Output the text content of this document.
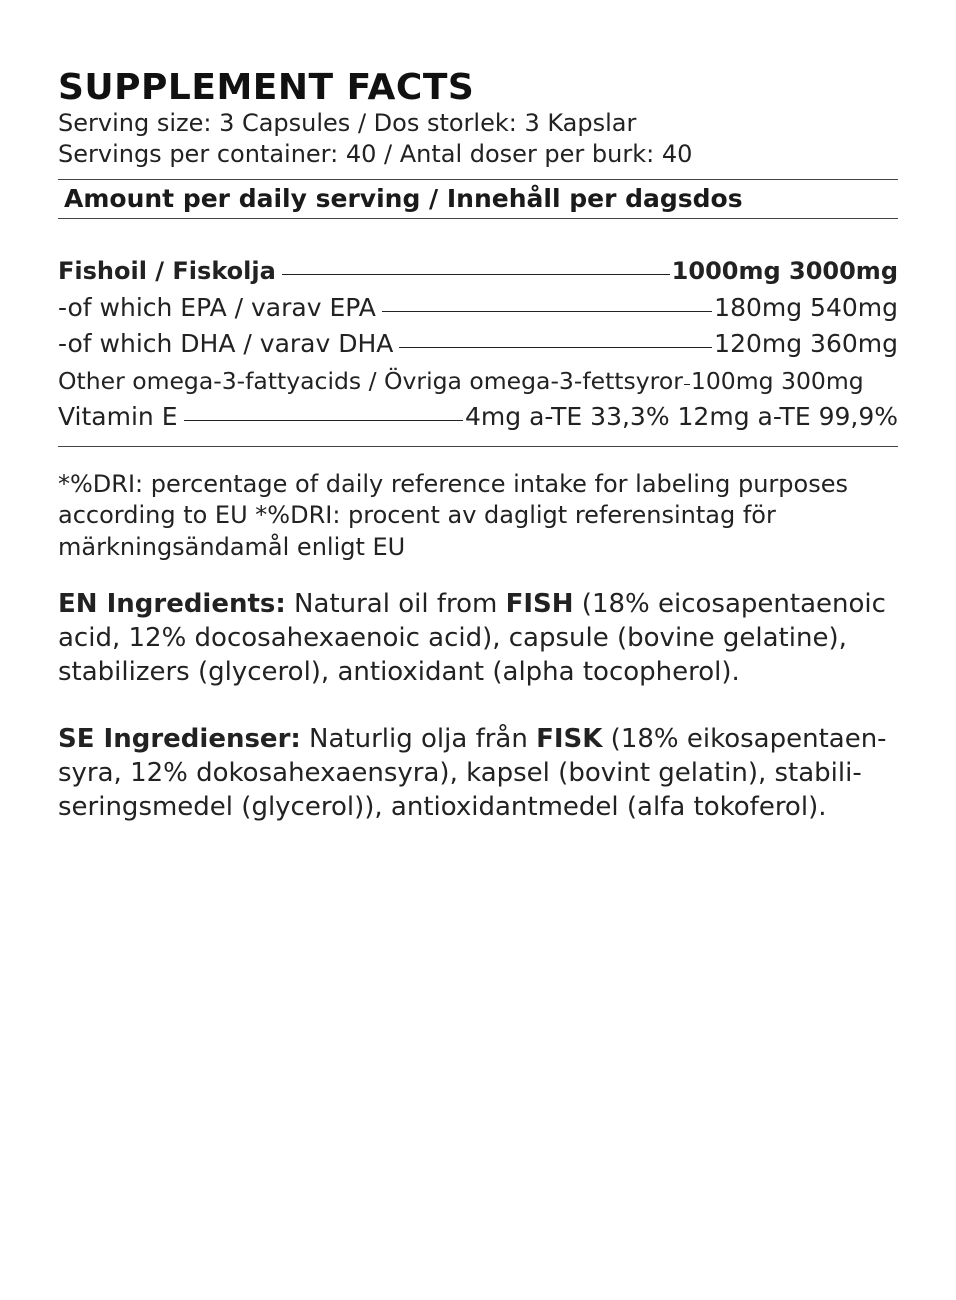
SUPPLEMENT FACTS
Serving size: 3 Capsules / Dos storlek: 3 Kapslar
Servings per container: 40 / Antal doser per burk: 40
Amount per daily serving / Innehåll per dagsdos
Fishoil / Fiskolja	1000mg 3000mg
-of which EPA / varav EPA	180mg 540mg
-of which DHA / varav DHA	120mg 360mg
Other omega-3-fattyacids / Övriga omega-3-fettsyror 100mg 300mg
Vitamin E	4mg a-TE 33,3% 12mg a-TE 99,9%
*%DRI: percentage of daily reference intake for labeling purposes
according to EU *%DRI: procent av dagligt referensintag för
märkningsändamål enligt EU
EN Ingredients: Natural oil from FISH (18% eicosapentaenoic
acid, 12% docosahexaenoic acid), capsule (bovine gelatine),
stabilizers (glycerol), antioxidant (alpha tocopherol).
SE Ingredienser: Naturlig olja från FISK (18% eikosapentaen-
syra, 12% dokosahexaensyra), kapsel (bovint gelatin), stabili-
seringsmedel (glycerol)), antioxidantmedel (alfa tokoferol).
